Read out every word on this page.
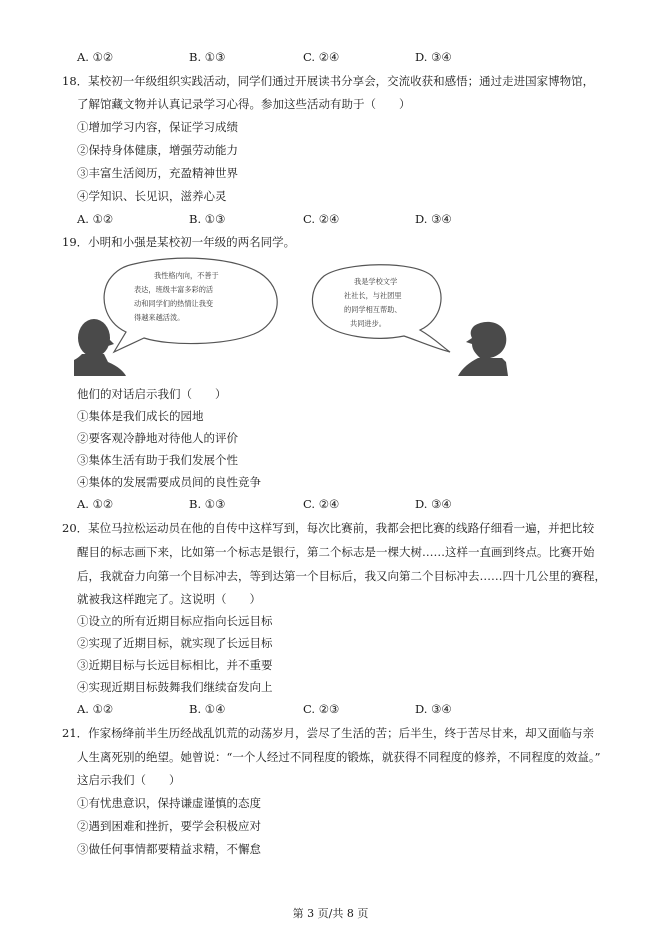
A. ①②	B. ①③	C. ②④	D. ③④
18．某校初一年级组织实践活动，同学们通过开展读书分享会，交流收获和感悟；通过走进国家博物馆，
了解馆藏文物并认真记录学习心得。参加这些活动有助于（　　）
①增加学习内容，保证学习成绩
②保持身体健康，增强劳动能力
③丰富生活阅历，充盈精神世界
④学知识、长见识，滋养心灵
A. ①②	B. ①③	C. ②④	D. ③④
19．小明和小强是某校初一年级的两名同学。
我性格内向，不善于
表达，班级丰富多彩的活
动和同学们的热情让我变
得越来越活泼。
我是学校文学
社社长，与社团里
的同学相互帮助、
共同进步。
他们的对话启示我们（　　）
①集体是我们成长的园地
②要客观冷静地对待他人的评价
③集体生活有助于我们发展个性
④集体的发展需要成员间的良性竞争
A. ①②	B. ①③	C. ②④	D. ③④
20．某位马拉松运动员在他的自传中这样写到，每次比赛前，我都会把比赛的线路仔细看一遍，并把比较
醒目的标志画下来，比如第一个标志是银行，第二个标志是一棵大树……这样一直画到终点。比赛开始
后，我就奋力向第一个目标冲去，等到达第一个目标后，我又向第二个目标冲去……四十几公里的赛程，
就被我这样跑完了。这说明（　　）
①设立的所有近期目标应指向长远目标
②实现了近期目标，就实现了长远目标
③近期目标与长远目标相比，并不重要
④实现近期目标鼓舞我们继续奋发向上
A. ①②	B. ①④	C. ②③	D. ③④
21．作家杨绛前半生历经战乱饥荒的动荡岁月，尝尽了生活的苦；后半生，终于苦尽甘来，却又面临与亲
人生离死别的绝望。她曾说：“一个人经过不同程度的锻炼，就获得不同程度的修养，不同程度的效益。”
这启示我们（　　）
①有忧患意识，保持谦虚谨慎的态度
②遇到困难和挫折，要学会积极应对
③做任何事情都要精益求精，不懈怠
第 3 页/共 8 页
